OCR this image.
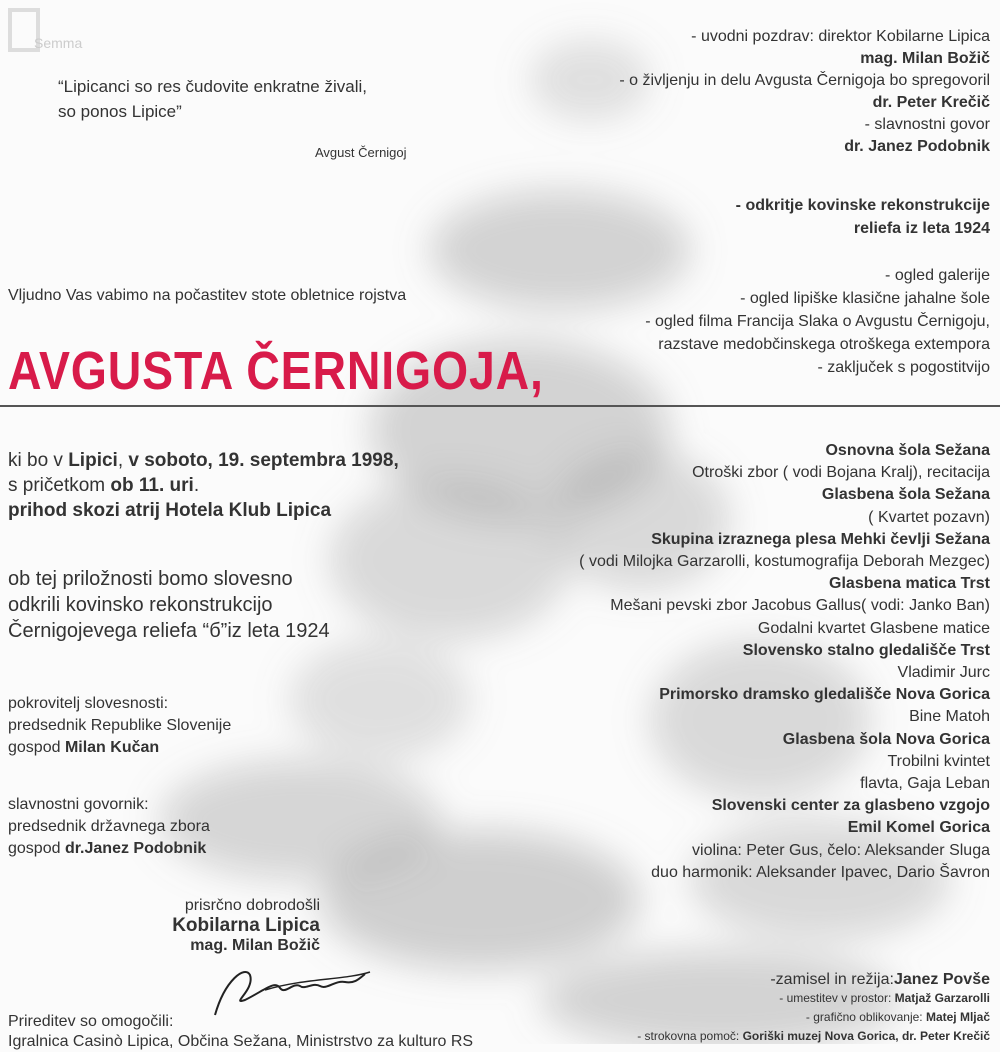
Semma
“Lipicanci so res čudovite enkratne živali,
so ponos Lipice”
Avgust Černigoj
Vljudno Vas vabimo na počastitev stote obletnice rojstva
AVGUSTA ČERNIGOJA,
ki bo v Lipici, v soboto, 19. septembra 1998,
s pričetkom ob 11. uri.
prihod skozi atrij Hotela Klub Lipica
ob tej priložnosti bomo slovesno
odkrili kovinsko rekonstrukcijo
Černigojevega reliefa “б”iz leta 1924
pokrovitelj slovesnosti:
predsednik Republike Slovenije
gospod Milan Kučan
slavnostni govornik:
predsednik državnega zbora
gospod dr.Janez Podobnik
prisrčno dobrodošli
Kobilarna Lipica
mag. Milan Božič
Prireditev so omogočili:
Igralnica Casinò Lipica, Občina Sežana, Ministrstvo za kulturo RS
- uvodni pozdrav: direktor Kobilarne Lipica
mag. Milan Božič
- o življenju in delu Avgusta Černigoja bo spregovoril
dr. Peter Krečič
- slavnostni govor
dr. Janez Podobnik
- odkritje kovinske rekonstrukcije
reliefa iz leta 1924
- ogled galerije
- ogled lipiške klasične jahalne šole
- ogled filma Francija Slaka o Avgustu Černigoju,
razstave medobčinskega otroškega extempora
- zaključek s pogostitvijo
Osnovna šola Sežana
Otroški zbor ( vodi Bojana Kralj), recitacija
Glasbena šola Sežana
( Kvartet pozavn)
Skupina izraznega plesa Mehki čevlji Sežana
( vodi Milojka Garzarolli, kostumografija Deborah Mezgec)
Glasbena matica Trst
Mešani pevski zbor Jacobus Gallus( vodi: Janko Ban)
Godalni kvartet Glasbene matice
Slovensko stalno gledališče Trst
Vladimir Jurc
Primorsko dramsko gledališče Nova Gorica
Bine Matoh
Glasbena šola Nova Gorica
Trobilni kvintet
flavta, Gaja Leban
Slovenski center za glasbeno vzgojo
Emil Komel Gorica
violina: Peter Gus, čelo: Aleksander Sluga
duo harmonik: Aleksander Ipavec, Dario Šavron
-zamisel in režija:Janez Povše
- umestitev v prostor: Matjaž Garzarolli
- grafično oblikovanje: Matej Mljač
- strokovna pomoč: Goriški muzej Nova Gorica, dr. Peter Krečič
